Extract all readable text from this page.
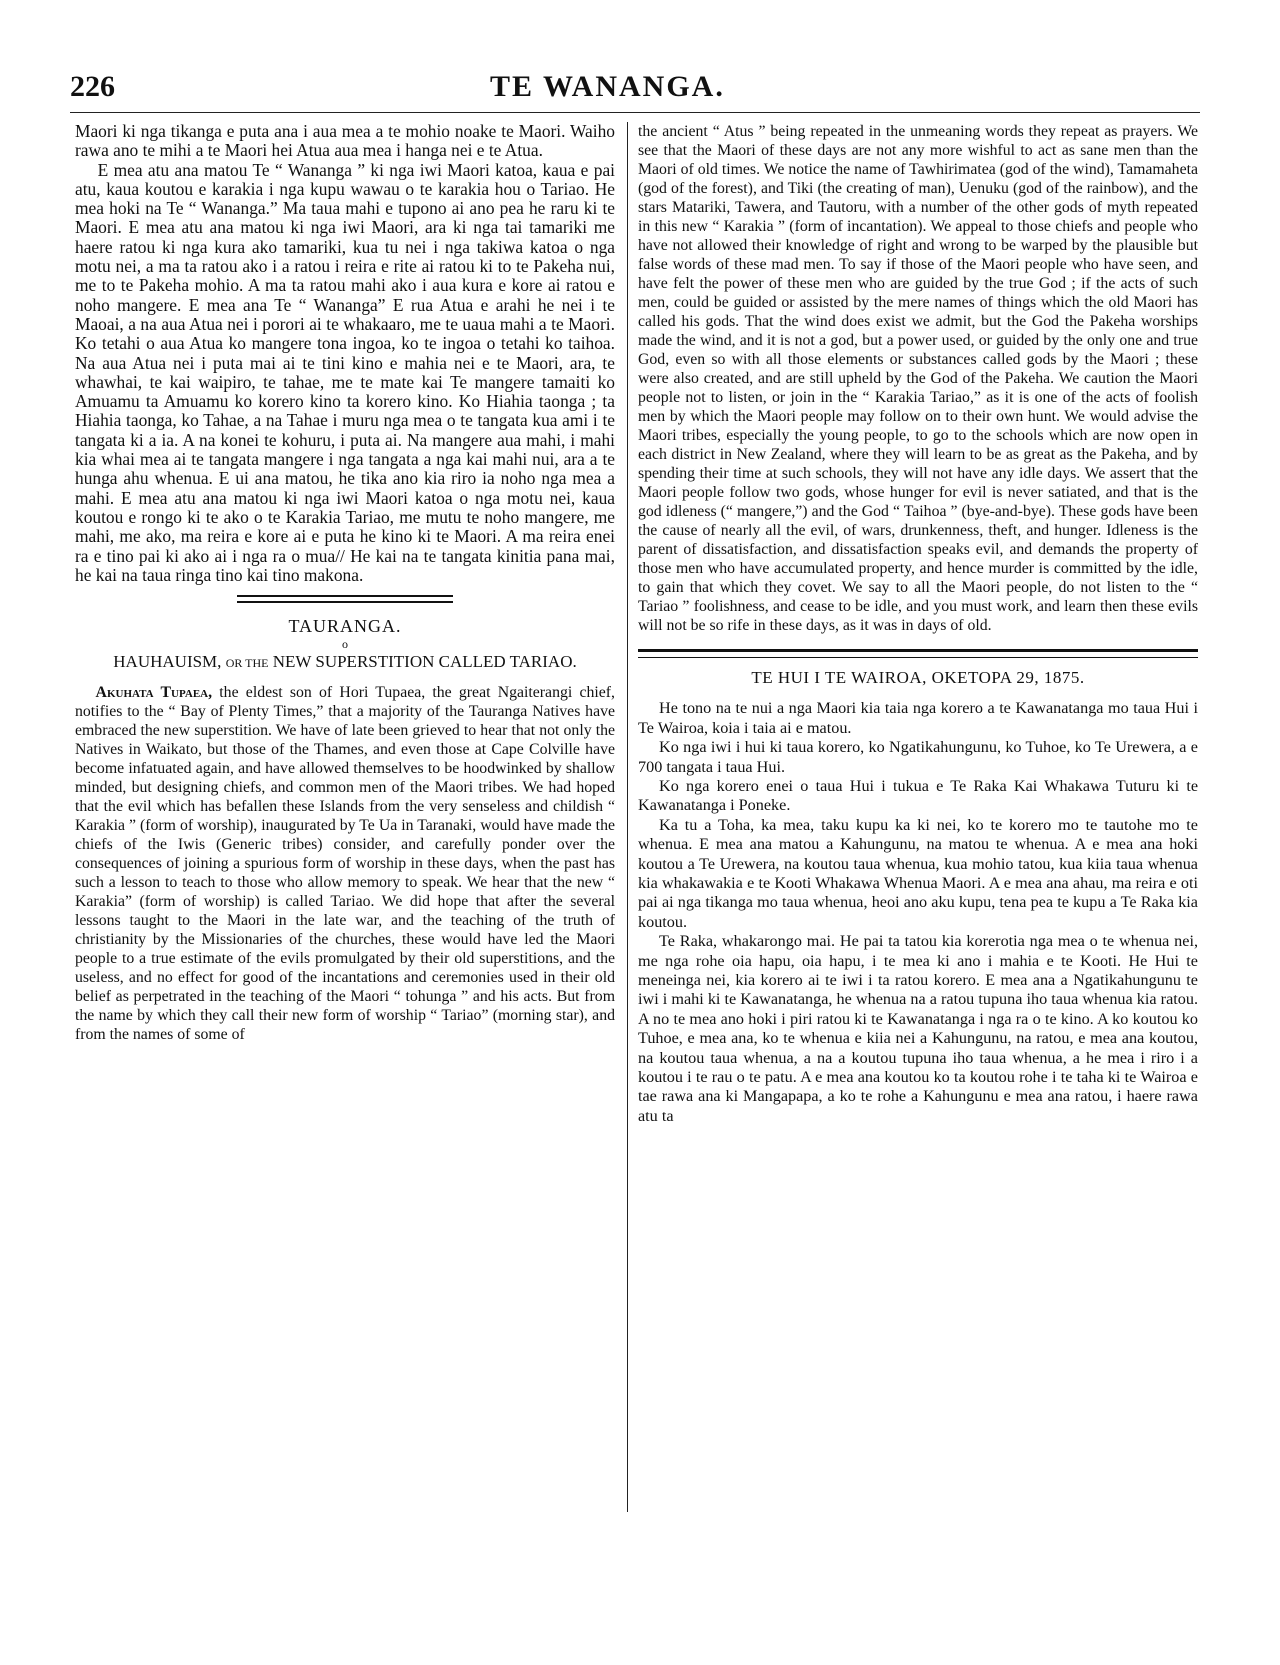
226	TE WANANGA.

Maori ki nga tikanga e puta ana i aua mea a te mohio noake te Maori. Waiho rawa ano te mihi a te Maori hei Atua aua mea i hanga nei e te Atua.

E mea atu ana matou Te “ Wananga ” ki nga iwi Maori katoa, kaua e pai atu, kaua koutou e karakia i nga kupu wawau o te karakia hou o Tariao. He mea hoki na Te “ Wananga.” Ma taua mahi e tupono ai ano pea he raru ki te Maori. E mea atu ana matou ki nga iwi Maori, ara ki nga tai tamariki me haere ratou ki nga kura ako tamariki, kua tu nei i nga takiwa katoa o nga motu nei, a ma ta ratou ako i a ratou i reira e rite ai ratou ki to te Pakeha nui, me to te Pakeha mohio. A ma ta ratou mahi ako i aua kura e kore ai ratou e noho mangere. E mea ana Te “ Wananga” E rua Atua e arahi he nei i te Maoai, a na aua Atua nei i porori ai te whakaaro, me te uaua mahi a te Maori. Ko tetahi o aua Atua ko mangere tona ingoa, ko te ingoa o tetahi ko taihoa. Na aua Atua nei i puta mai ai te tini kino e mahia nei e te Maori, ara, te whawhai, te kai waipiro, te tahae, me te mate kai Te mangere tamaiti ko Amuamu ta Amuamu ko korero kino ta korero kino. Ko Hiahia taonga ; ta Hiahia taonga, ko Tahae, a na Tahae i muru nga mea o te tangata kua ami i te tangata ki a ia. A na konei te kohuru, i puta ai. Na mangere aua mahi, i mahi kia whai mea ai te tangata mangere i nga tangata a nga kai mahi nui, ara a te hunga ahu whenua. E ui ana matou, he tika ano kia riro ia noho nga mea a mahi. E mea atu ana matou ki nga iwi Maori katoa o nga motu nei, kaua koutou e rongo ki te ako o te Karakia Tariao, me mutu te noho mangere, me mahi, me ako, ma reira e kore ai e puta he kino ki te Maori. A ma reira enei ra e tino pai ki ako ai i nga ra o mua// He kai na te tangata kinitia pana mai, he kai na taua ringa tino kai tino makona.

TAURANGA.
o
HAUHAUISM, OR THE NEW SUPERSTITION CALLED TARIAO.

Akuhata Tupaea, the eldest son of Hori Tupaea, the great Ngaiterangi chief, notifies to the “ Bay of Plenty Times,” that a majority of the Tauranga Natives have embraced the new superstition. We have of late been grieved to hear that not only the Natives in Waikato, but those of the Thames, and even those at Cape Colville have become infatuated again, and have allowed themselves to be hoodwinked by shallow minded, but designing chiefs, and common men of the Maori tribes. We had hoped that the evil which has befallen these Islands from the very senseless and childish “ Karakia ” (form of worship), inaugurated by Te Ua in Taranaki, would have made the chiefs of the Iwis (Generic tribes) consider, and carefully ponder over the consequences of joining a spurious form of worship in these days, when the past has such a lesson to teach to those who allow memory to speak. We hear that the new “ Karakia” (form of worship) is called Tariao. We did hope that after the several lessons taught to the Maori in the late war, and the teaching of the truth of christianity by the Missionaries of the churches, these would have led the Maori people to a true estimate of the evils promulgated by their old superstitions, and the useless, and no effect for good of the incantations and ceremonies used in their old belief as perpetrated in the teaching of the Maori “ tohunga ” and his acts. But from the name by which they call their new form of worship “ Tariao” (morning star), and from the names of some of

the ancient “ Atus ” being repeated in the unmeaning words they repeat as prayers. We see that the Maori of these days are not any more wishful to act as sane men than the Maori of old times. We notice the name of Tawhirimatea (god of the wind), Tamamaheta (god of the forest), and Tiki (the creating of man), Uenuku (god of the rainbow), and the stars Matariki, Tawera, and Tautoru, with a number of the other gods of myth repeated in this new “ Karakia ” (form of incantation). We appeal to those chiefs and people who have not allowed their knowledge of right and wrong to be warped by the plausible but false words of these mad men. To say if those of the Maori people who have seen, and have felt the power of these men who are guided by the true God ; if the acts of such men, could be guided or assisted by the mere names of things which the old Maori has called his gods. That the wind does exist we admit, but the God the Pakeha worships made the wind, and it is not a god, but a power used, or guided by the only one and true God, even so with all those elements or substances called gods by the Maori ; these were also created, and are still upheld by the God of the Pakeha. We caution the Maori people not to listen, or join in the “ Karakia Tariao,” as it is one of the acts of foolish men by which the Maori people may follow on to their own hunt. We would advise the Maori tribes, especially the young people, to go to the schools which are now open in each district in New Zealand, where they will learn to be as great as the Pakeha, and by spending their time at such schools, they will not have any idle days. We assert that the Maori people follow two gods, whose hunger for evil is never satiated, and that is the god idleness (“ mangere,”) and the God “ Taihoa ” (bye-and-bye). These gods have been the cause of nearly all the evil, of wars, drunkenness, theft, and hunger. Idleness is the parent of dissatisfaction, and dissatisfaction speaks evil, and demands the property of those men who have accumulated property, and hence murder is committed by the idle, to gain that which they covet. We say to all the Maori people, do not listen to the “ Tariao ” foolishness, and cease to be idle, and you must work, and learn then these evils will not be so rife in these days, as it was in days of old.

TE HUI I TE WAIROA, OKETOPA 29, 1875.

He tono na te nui a nga Maori kia taia nga korero a te Kawanatanga mo taua Hui i Te Wairoa, koia i taia ai e matou.

Ko nga iwi i hui ki taua korero, ko Ngatikahungunu, ko Tuhoe, ko Te Urewera, a e 700 tangata i taua Hui.

Ko nga korero enei o taua Hui i tukua e Te Raka Kai Whakawa Tuturu ki te Kawanatanga i Poneke.

Ka tu a Toha, ka mea, taku kupu ka ki nei, ko te korero mo te tautohe mo te whenua. E mea ana matou a Kahungunu, na matou te whenua. A e mea ana hoki koutou a Te Urewera, na koutou taua whenua, kua mohio tatou, kua kiia taua whenua kia whakawakia e te Kooti Whakawa Whenua Maori. A e mea ana ahau, ma reira e oti pai ai nga tikanga mo taua whenua, heoi ano aku kupu, tena pea te kupu a Te Raka kia koutou.

Te Raka, whakarongo mai. He pai ta tatou kia korerotia nga mea o te whenua nei, me nga rohe oia hapu, oia hapu, i te mea ki ano i mahia e te Kooti. He Hui te meneinga nei, kia korero ai te iwi i ta ratou korero. E mea ana a Ngatikahungunu te iwi i mahi ki te Kawanatanga, he whenua na a ratou tupuna iho taua whenua kia ratou. A no te mea ano hoki i piri ratou ki te Kawanatanga i nga ra o te kino. A ko koutou ko Tuhoe, e mea ana, ko te whenua e kiia nei a Kahungunu, na ratou, e mea ana koutou, na koutou taua whenua, a na a koutou tupuna iho taua whenua, a he mea i riro i a koutou i te rau o te patu. A e mea ana koutou ko ta koutou rohe i te taha ki te Wairoa e tae rawa ana ki Mangapapa, a ko te rohe a Kahungunu e mea ana ratou, i haere rawa atu ta
